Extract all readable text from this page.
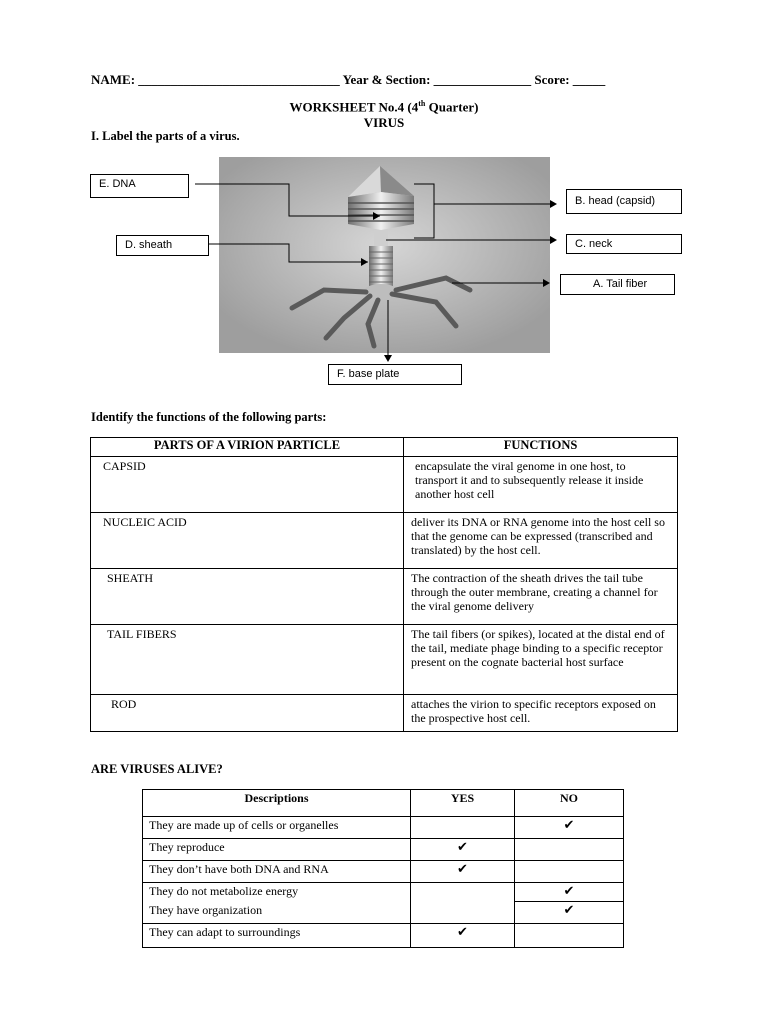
NAME: _______________________________ Year & Section: _______________ Score: _____
WORKSHEET No.4 (4th Quarter)
VIRUS
I. Label the parts of a virus.
E. DNA
B. head (capsid)
D. sheath	C. neck
A. Tail fiber
F. base plate
Identify the functions of the following parts:
PARTS OF A VIRION PARTICLE	FUNCTIONS
CAPSID	encapsulate the viral genome in one host, to transport it and to subsequently release it inside another host cell
NUCLEIC ACID	deliver its DNA or RNA genome into the host cell so that the genome can be expressed (transcribed and translated) by the host cell.
SHEATH	The contraction of the sheath drives the tail tube through the outer membrane, creating a channel for the viral genome delivery
TAIL FIBERS	The tail fibers (or spikes), located at the distal end of the tail, mediate phage binding to a specific receptor present on the cognate bacterial host surface
ROD	attaches the virion to specific receptors exposed on the prospective host cell.
ARE VIRUSES ALIVE?
Descriptions	YES	NO
They are made up of cells or organelles		✔
They reproduce	✔	
They don’t have both DNA and RNA	✔	
They do not metabolize energy		✔
They have organization		✔
They can adapt to surroundings	✔	
